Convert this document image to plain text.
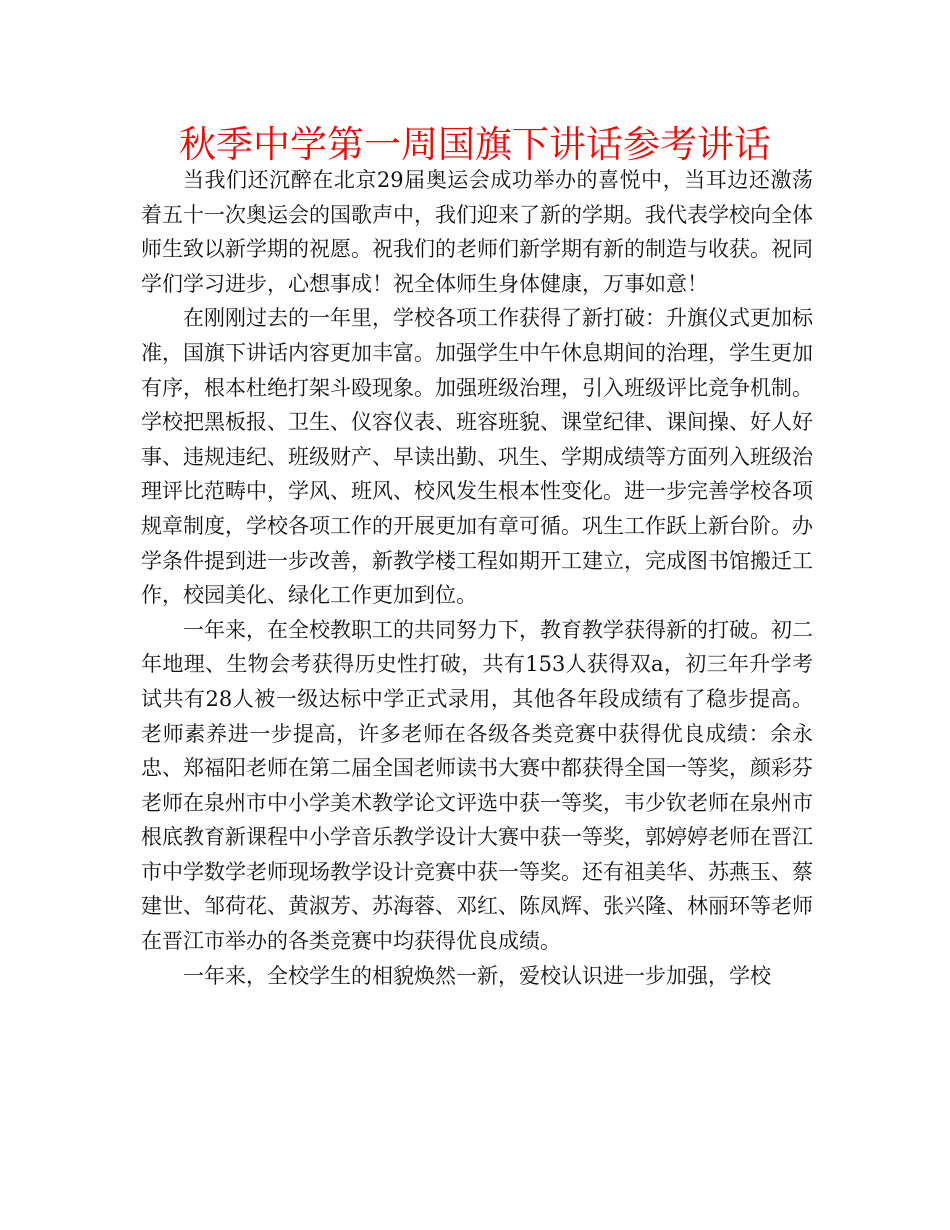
秋季中学第一周国旗下讲话参考讲话

当我们还沉醉在北京29届奥运会成功举办的喜悦中，当耳边还激荡着五十一次奥运会的国歌声中，我们迎来了新的学期。我代表学校向全体师生致以新学期的祝愿。祝我们的老师们新学期有新的制造与收获。祝同学们学习进步，心想事成！祝全体师生身体健康，万事如意！

在刚刚过去的一年里，学校各项工作获得了新打破：升旗仪式更加标准，国旗下讲话内容更加丰富。加强学生中午休息期间的治理，学生更加有序，根本杜绝打架斗殴现象。加强班级治理，引入班级评比竞争机制。学校把黑板报、卫生、仪容仪表、班容班貌、课堂纪律、课间操、好人好事、违规违纪、班级财产、早读出勤、巩生、学期成绩等方面列入班级治理评比范畴中，学风、班风、校风发生根本性变化。进一步完善学校各项规章制度，学校各项工作的开展更加有章可循。巩生工作跃上新台阶。办学条件提到进一步改善，新教学楼工程如期开工建立，完成图书馆搬迁工作，校园美化、绿化工作更加到位。

一年来，在全校教职工的共同努力下，教育教学获得新的打破。初二年地理、生物会考获得历史性打破，共有153人获得双a，初三年升学考试共有28人被一级达标中学正式录用，其他各年段成绩有了稳步提高。老师素养进一步提高，许多老师在各级各类竞赛中获得优良成绩：余永忠、郑福阳老师在第二届全国老师读书大赛中都获得全国一等奖，颜彩芬老师在泉州市中小学美术教学论文评选中获一等奖，韦少钦老师在泉州市根底教育新课程中小学音乐教学设计大赛中获一等奖，郭婷婷老师在晋江市中学数学老师现场教学设计竞赛中获一等奖。还有祖美华、苏燕玉、蔡建世、邹荷花、黄淑芳、苏海蓉、邓红、陈凤辉、张兴隆、林丽环等老师在晋江市举办的各类竞赛中均获得优良成绩。

一年来，全校学生的相貌焕然一新，爱校认识进一步加强，学校
